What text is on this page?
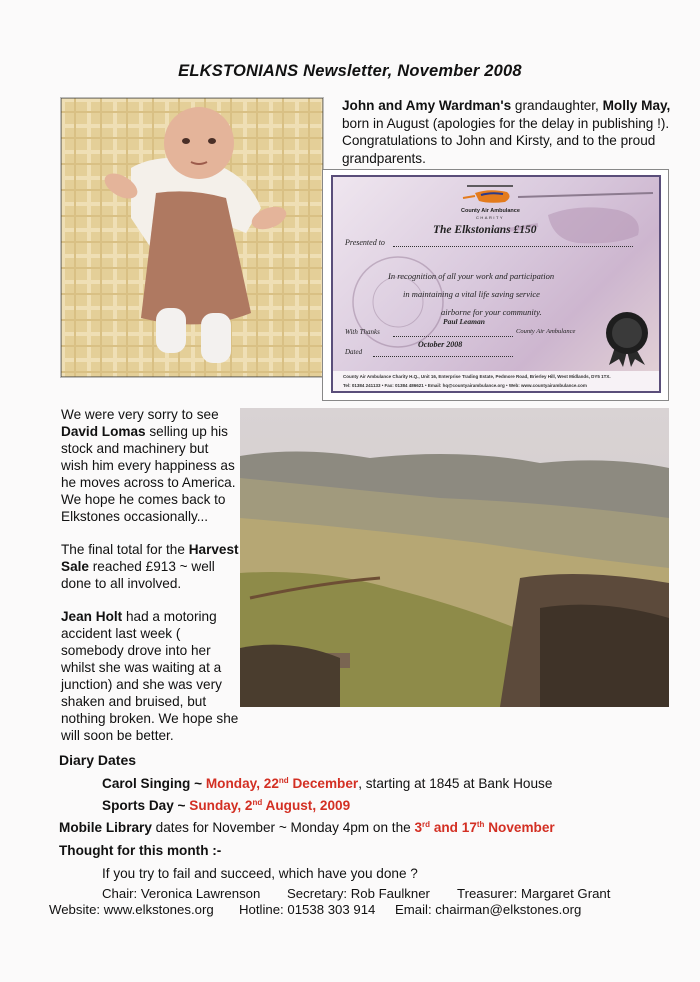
ELKSTONIANS Newsletter, November 2008
John and Amy Wardman's grandaughter, Molly May, born in August (apologies for the delay in publishing !). Congratulations to John and Kirsty, and to the proud grandparents.
County Air Ambulance
CHARITY
The Elkstonians £150
Presented to
In recognition of all your work and participation
in maintaining a vital life saving service
airborne for your community.
Paul Leaman
With Thanks	County Air Ambulance
October 2008
Dated
County Air Ambulance Charity H.Q., Unit 16, Enterprise Trading Estate, Pedmore Road, Brierley Hill, West Midlands, DY5 1TX.
Tel: 01384 241133 • Fax: 01384 486621 • Email: hq@countyairambulance.org • Web: www.countyairambulance.com

We were very sorry to see David Lomas selling up his stock and machinery but wish him every happiness as he moves across to America. We hope he comes back to Elkstones occasionally...

The final total for the Harvest Sale reached £913 ~ well done to all involved.

Jean Holt had a motoring accident last week ( somebody drove into her whilst she was waiting at a junction) and she was very shaken and bruised, but nothing broken. We hope she will soon be better.

Diary Dates
Carol Singing ~ Monday, 22nd December, starting at 1845 at Bank House
Sports Day ~ Sunday, 2nd August, 2009
Mobile Library dates for November ~ Monday 4pm on the 3rd and 17th November
Thought for this month :-
If you try to fail and succeed, which have you done ?
Chair: Veronica Lawrenson Secretary: Rob Faulkner Treasurer: Margaret Grant
Website: www.elkstones.org Hotline: 01538 303 914 Email: chairman@elkstones.org
